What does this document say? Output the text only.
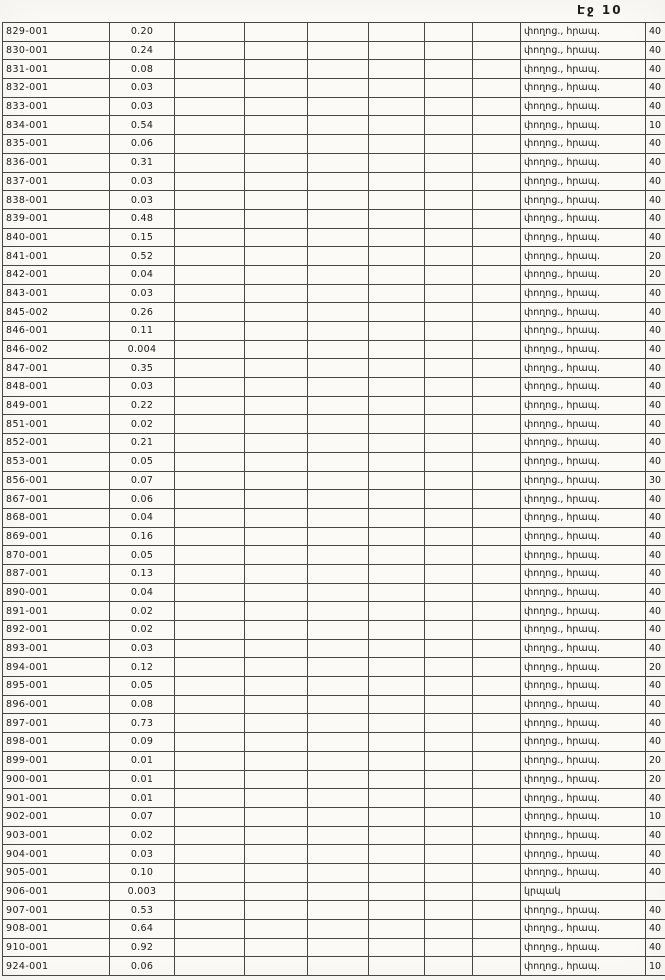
Էջ 10
829-001	0.20							փողոց., հրապ.	40
830-001	0.24							փողոց., հրապ.	40
831-001	0.08							փողոց., հրապ.	40
832-001	0.03							փողոց., հրապ.	40
833-001	0.03							փողոց., հրապ.	40
834-001	0.54							փողոց., հրապ.	10
835-001	0.06							փողոց., հրապ.	40
836-001	0.31							փողոց., հրապ.	40
837-001	0.03							փողոց., հրապ.	40
838-001	0.03							փողոց., հրապ.	40
839-001	0.48							փողոց., հրապ.	40
840-001	0.15							փողոց., հրապ.	40
841-001	0.52							փողոց., հրապ.	20
842-001	0.04							փողոց., հրապ.	20
843-001	0.03							փողոց., հրապ.	40
845-002	0.26							փողոց., հրապ.	40
846-001	0.11							փողոց., հրապ.	40
846-002	0.004							փողոց., հրապ.	40
847-001	0.35							փողոց., հրապ.	40
848-001	0.03							փողոց., հրապ.	40
849-001	0.22							փողոց., հրապ.	40
851-001	0.02							փողոց., հրապ.	40
852-001	0.21							փողոց., հրապ.	40
853-001	0.05							փողոց., հրապ.	40
856-001	0.07							փողոց., հրապ.	30
867-001	0.06							փողոց., հրապ.	40
868-001	0.04							փողոց., հրապ.	40
869-001	0.16							փողոց., հրապ.	40
870-001	0.05							փողոց., հրապ.	40
887-001	0.13							փողոց., հրապ.	40
890-001	0.04							փողոց., հրապ.	40
891-001	0.02							փողոց., հրապ.	40
892-001	0.02							փողոց., հրապ.	40
893-001	0.03							փողոց., հրապ.	40
894-001	0.12							փողոց., հրապ.	20
895-001	0.05							փողոց., հրապ.	40
896-001	0.08							փողոց., հրապ.	40
897-001	0.73							փողոց., հրապ.	40
898-001	0.09							փողոց., հրապ.	40
899-001	0.01							փողոց., հրապ.	20
900-001	0.01							փողոց., հրապ.	20
901-001	0.01							փողոց., հրապ.	40
902-001	0.07							փողոց., հրապ.	10
903-001	0.02							փողոց., հրապ.	40
904-001	0.03							փողոց., հրապ.	40
905-001	0.10							փողոց., հրապ.	40
906-001	0.003							կրպակ	
907-001	0.53							փողոց., հրապ.	40
908-001	0.64							փողոց., հրապ.	40
910-001	0.92							փողոց., հրապ.	40
924-001	0.06							փողոց., հրապ.	10
